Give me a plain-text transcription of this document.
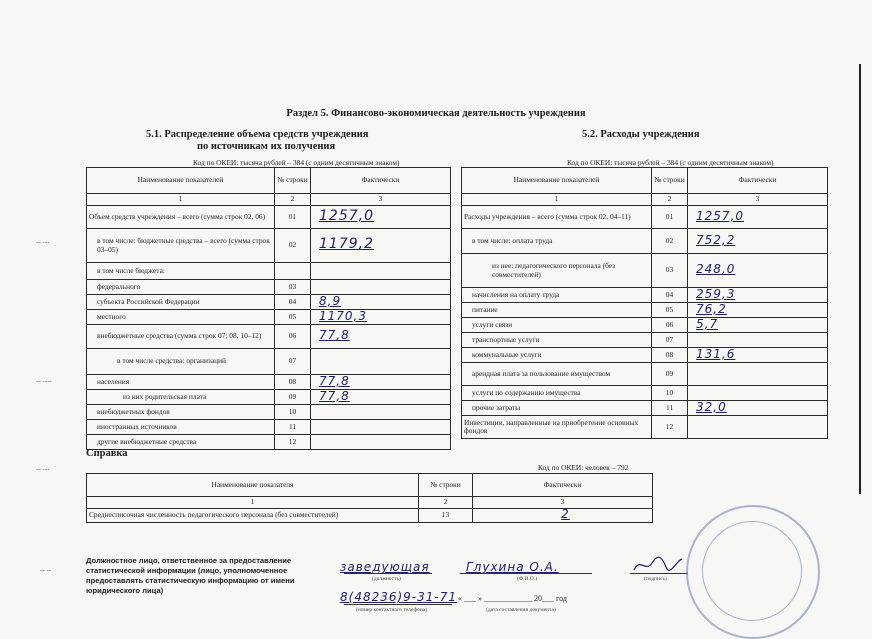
Раздел 5. Финансово-экономическая деятельность учреждения
5.1. Распределение объема средств учреждения
по источникам их получения
Код по ОКЕИ: тысяча рублей – 384 (с одним десятичным знаком)
Наименование показателей	№ строки	Фактически
1	2	3
Объем средств учреждения – всего (сумма строк 02, 06)	01	1257,0
в том числе: бюджетные средства – всего (сумма строк 03–05)	02	1179,2
в том числе бюджета:		
федерального	03	
субъекта Российской Федерации	04	8,9
местного	05	1170,3
внебюджетные средства (сумма строк 07; 08, 10–12)	06	77,8
в том числе средства: организаций	07	
населения	08	77,8
из них родительская плата	09	77,8
внебюджетных фондов	10	
иностранных источников	11	
другие внебюджетные средства	12	
5.2. Расходы учреждения
Код по ОКЕИ: тысяча рублей – 384 (с одним десятичным знаком)
Наименование показателей	№ строки	Фактически
1	2	3
Расходы учреждения – всего (сумма строк 02, 04–11)	01	1257,0
в том числе: оплата труда	02	752,2
из нее: педагогического персонала (без совместителей)	03	248,0
начисления на оплату труда	04	259,3
питание	05	76,2
услуги связи	06	5,7
транспортные услуги	07	
коммунальные услуги	08	131,6
арендная плата за пользование имуществом	09	
услуги по содержанию имущества	10	
прочие затраты	11	32,0
Инвестиции, направленные на приобретение основных фондов	12	
Справка
Код по ОКЕИ: человек – 792
Наименование показателя	№ строки	Фактически
1	2	3
Среднесписочная численность педагогического персонала (без совместителей)	13	2
Должностное лицо, ответственное за предоставление статистической информации (лицо, уполномоченное предоставлять статистическую информацию от имени юридического лица)
заведующая
(должность)
Глухина О.А.
(Ф.И.О.)	(подпись)
8(48236)9-31-71
(номер контактного телефона)
« ___ » ____________ 20___ год
(дата составления документа)
-- ---
-- ----
-- ---
-- --
